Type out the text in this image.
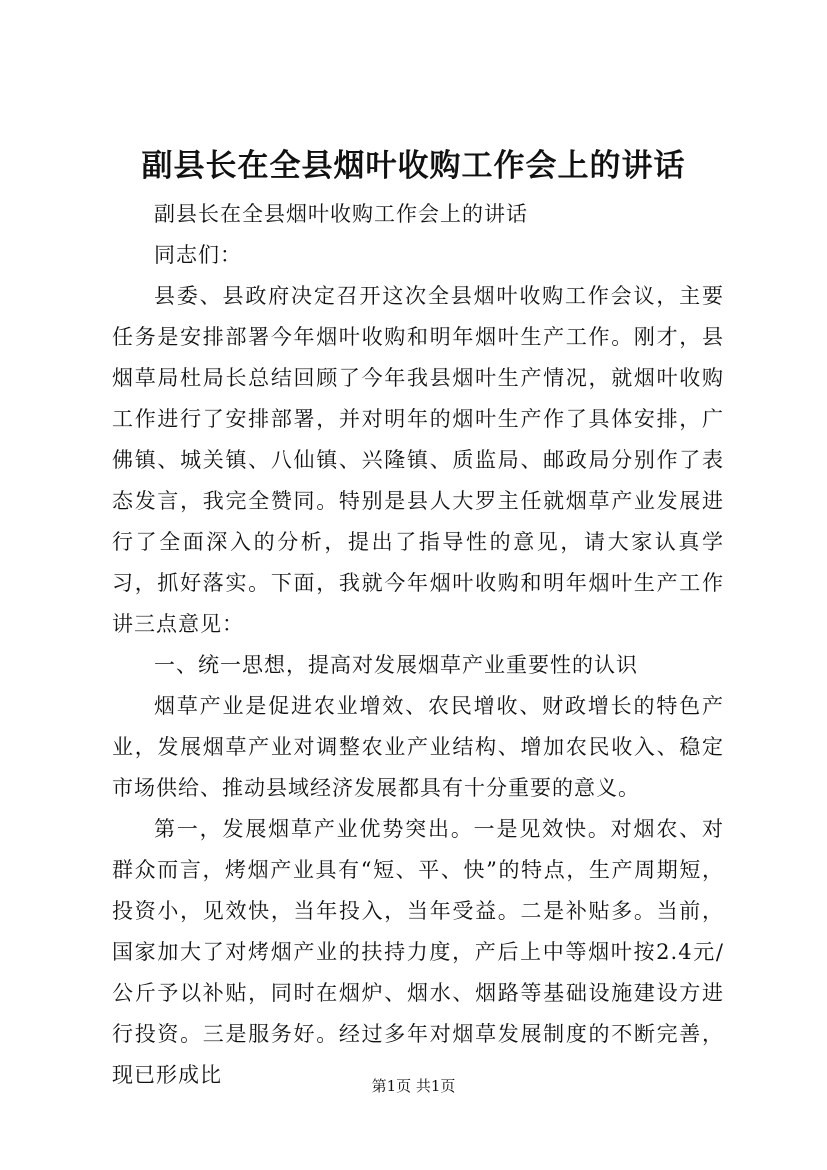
副县长在全县烟叶收购工作会上的讲话

副县长在全县烟叶收购工作会上的讲话

同志们：

县委、县政府决定召开这次全县烟叶收购工作会议，主要任务是安排部署今年烟叶收购和明年烟叶生产工作。刚才，县烟草局杜局长总结回顾了今年我县烟叶生产情况，就烟叶收购工作进行了安排部署，并对明年的烟叶生产作了具体安排，广佛镇、城关镇、八仙镇、兴隆镇、质监局、邮政局分别作了表态发言，我完全赞同。特别是县人大罗主任就烟草产业发展进行了全面深入的分析，提出了指导性的意见，请大家认真学习，抓好落实。下面，我就今年烟叶收购和明年烟叶生产工作讲三点意见：

一、统一思想，提高对发展烟草产业重要性的认识

烟草产业是促进农业增效、农民增收、财政增长的特色产业，发展烟草产业对调整农业产业结构、增加农民收入、稳定市场供给、推动县域经济发展都具有十分重要的意义。

第一，发展烟草产业优势突出。一是见效快。对烟农、对群众而言，烤烟产业具有“短、平、快”的特点，生产周期短，投资小，见效快，当年投入，当年受益。二是补贴多。当前，国家加大了对烤烟产业的扶持力度，产后上中等烟叶按2.4元/公斤予以补贴，同时在烟炉、烟水、烟路等基础设施建设方进行投资。三是服务好。经过多年对烟草发展制度的不断完善，现已形成比	第1页 共1页
